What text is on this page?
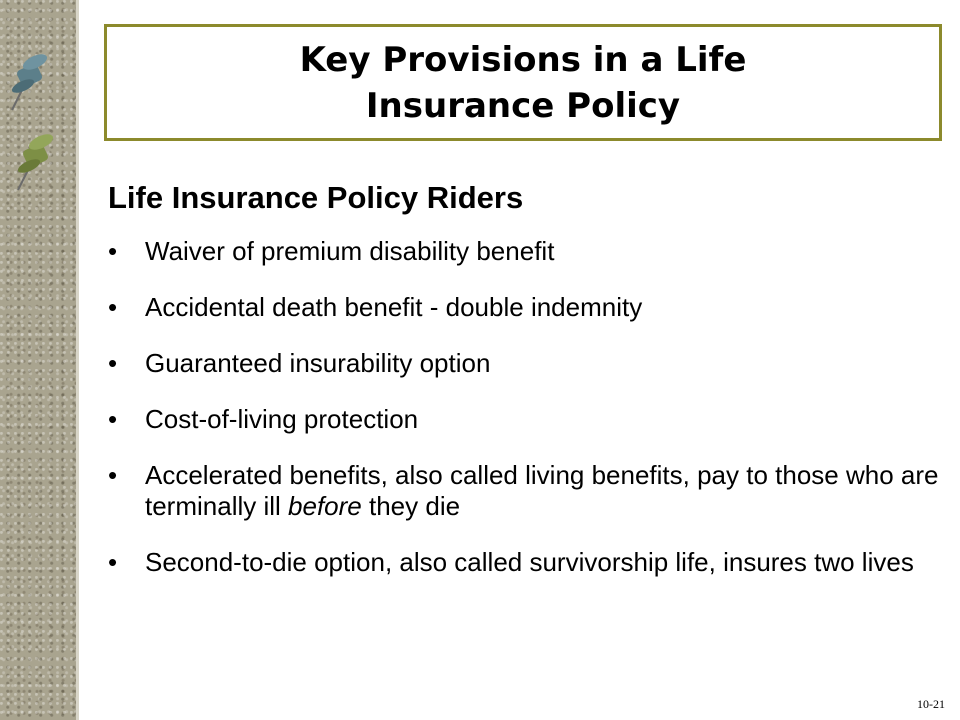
Key Provisions in a Life
Insurance Policy
Life Insurance Policy Riders
• Waiver of premium disability benefit
• Accidental death benefit - double indemnity
• Guaranteed insurability option
• Cost-of-living protection
• Accelerated benefits, also called living benefits, pay to those who are terminally ill before they die
• Second-to-die option, also called survivorship life, insures two lives
10-21
